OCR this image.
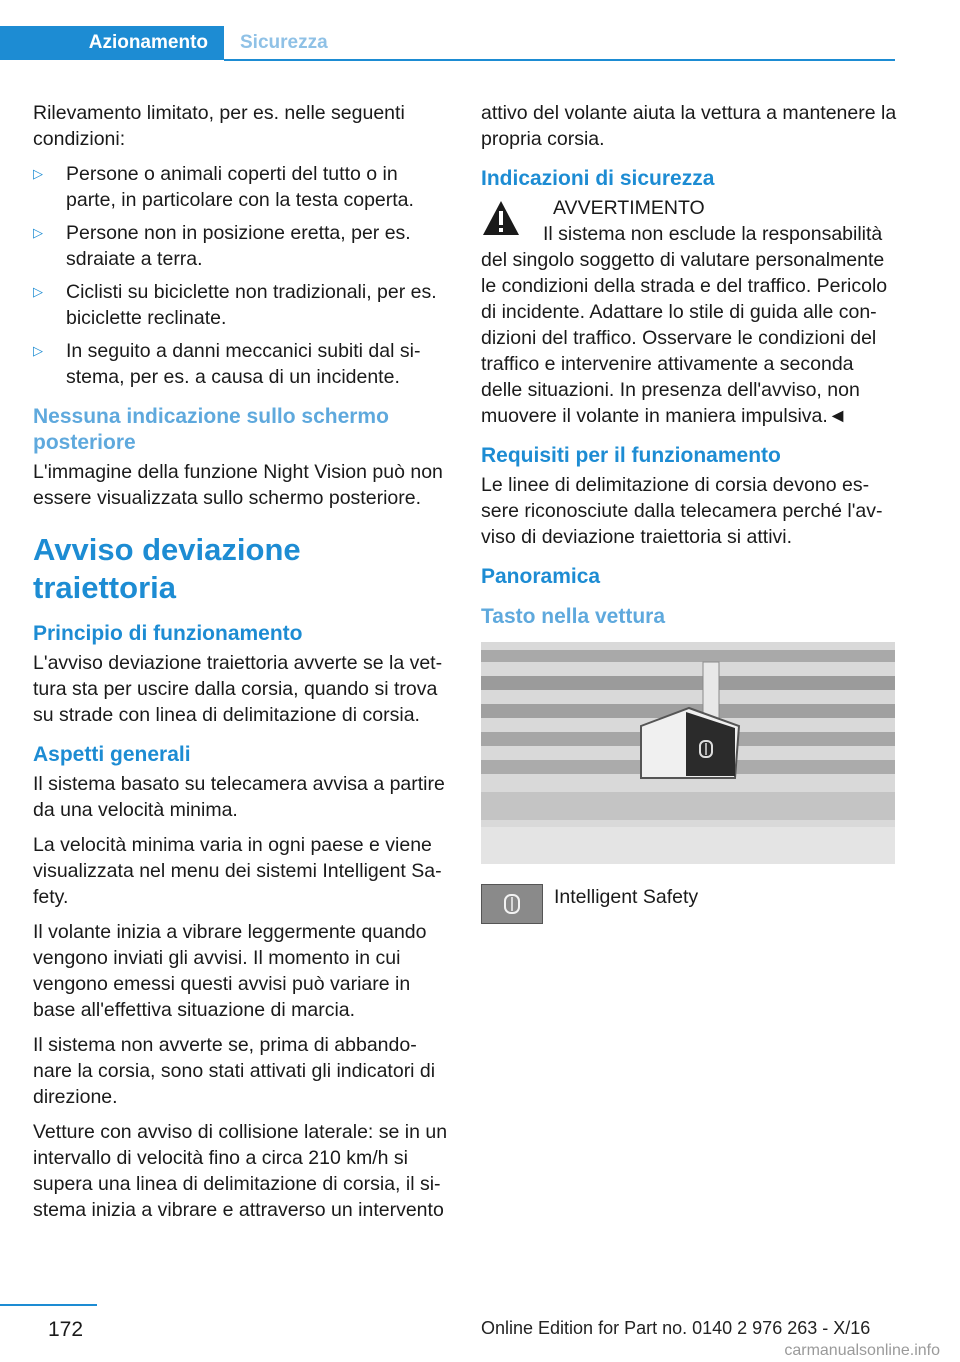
Azionamento	Sicurezza

Rilevamento limitato, per es. nelle seguenti condizioni:

▷ Persone o animali coperti del tutto o in parte, in particolare con la testa coperta.
▷ Persone non in posizione eretta, per es. sdraiate a terra.
▷ Ciclisti su biciclette non tradizionali, per es. biciclette reclinate.
▷ In seguito a danni meccanici subiti dal sistema, per es. a causa di un incidente.
Nessuna indicazione sullo schermo posteriore

L'immagine della funzione Night Vision può non essere visualizzata sullo schermo posteriore.

Avviso deviazione traiettoria
Principio di funzionamento

L'avviso deviazione traiettoria avverte se la vettura sta per uscire dalla corsia, quando si trova su strade con linea di delimitazione di corsia.

Aspetti generali

Il sistema basato su telecamera avvisa a partire da una velocità minima.

La velocità minima varia in ogni paese e viene visualizzata nel menu dei sistemi Intelligent Safety.

Il volante inizia a vibrare leggermente quando vengono inviati gli avvisi. Il momento in cui vengono emessi questi avvisi può variare in base all'effettiva situazione di marcia.

Il sistema non avverte se, prima di abbandonare la corsia, sono stati attivati gli indicatori di direzione.

Vetture con avviso di collisione laterale: se in un intervallo di velocità fino a circa 210 km/h si supera una linea di delimitazione di corsia, il sistema inizia a vibrare e attraverso un intervento

attivo del volante aiuta la vettura a mantenere la propria corsia.

Indicazioni di sicurezza
AVVERTIMENTO

Il sistema non esclude la responsabilità del singolo soggetto di valutare personalmente le condizioni della strada e del traffico. Pericolo di incidente. Adattare lo stile di guida alle condizioni del traffico. Osservare le condizioni del traffico e intervenire attivamente a seconda delle situazioni. In presenza dell'avviso, non muovere il volante in maniera impulsiva.◄

Requisiti per il funzionamento

Le linee di delimitazione di corsia devono essere riconosciute dalla telecamera perché l'avviso di deviazione traiettoria si attivi.

Panoramica
Tasto nella vettura
Intelligent Safety
172	Online Edition for Part no. 0140 2 976 263 - X/16
carmanualsonline.info
